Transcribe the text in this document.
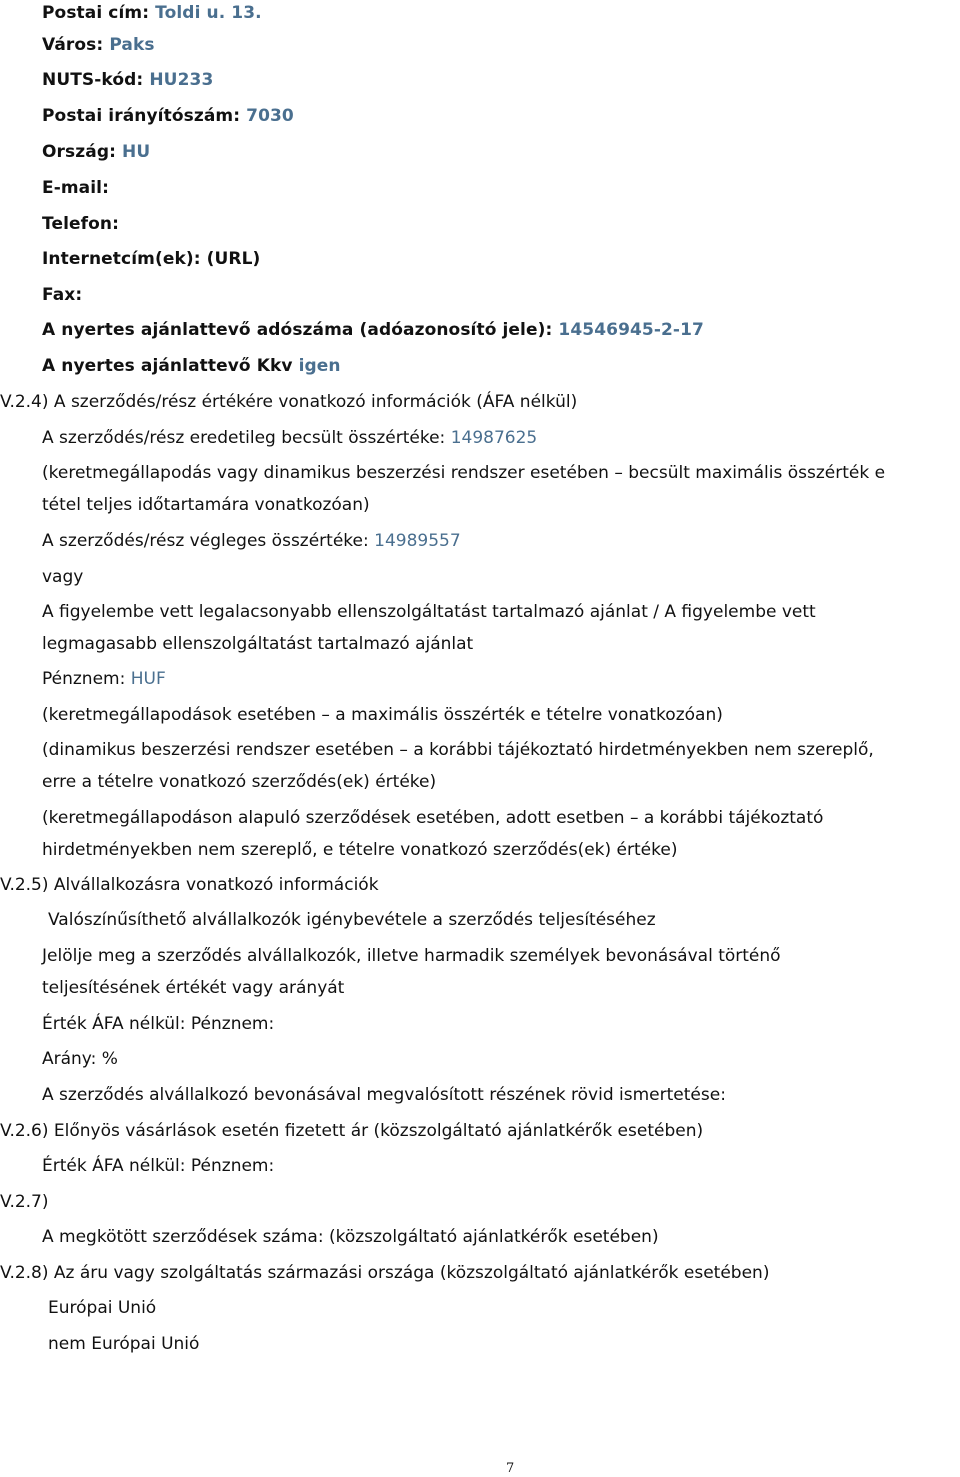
Postai cím: Toldi u. 13.
Város: Paks
NUTS-kód: HU233
Postai irányítószám: 7030
Ország: HU
E-mail:
Telefon:
Internetcím(ek): (URL)
Fax:
A nyertes ajánlattevő adószáma (adóazonosító jele): 14546945-2-17
A nyertes ajánlattevő Kkv igen
V.2.4) A szerződés/rész értékére vonatkozó információk (ÁFA nélkül)
A szerződés/rész eredetileg becsült összértéke: 14987625
(keretmegállapodás vagy dinamikus beszerzési rendszer esetében – becsült maximális összérték e
tétel teljes időtartamára vonatkozóan)
A szerződés/rész végleges összértéke: 14989557
vagy
A figyelembe vett legalacsonyabb ellenszolgáltatást tartalmazó ajánlat / A figyelembe vett
legmagasabb ellenszolgáltatást tartalmazó ajánlat
Pénznem: HUF
(keretmegállapodások esetében – a maximális összérték e tételre vonatkozóan)
(dinamikus beszerzési rendszer esetében – a korábbi tájékoztató hirdetményekben nem szereplő,
erre a tételre vonatkozó szerződés(ek) értéke)
(keretmegállapodáson alapuló szerződések esetében, adott esetben – a korábbi tájékoztató
hirdetményekben nem szereplő, e tételre vonatkozó szerződés(ek) értéke)
V.2.5) Alvállalkozásra vonatkozó információk
Valószínűsíthető alvállalkozók igénybevétele a szerződés teljesítéséhez
Jelölje meg a szerződés alvállalkozók, illetve harmadik személyek bevonásával történő
teljesítésének értékét vagy arányát
Érték ÁFA nélkül: Pénznem:
Arány: %
A szerződés alvállalkozó bevonásával megvalósított részének rövid ismertetése:
V.2.6) Előnyös vásárlások esetén fizetett ár (közszolgáltató ajánlatkérők esetében)
Érték ÁFA nélkül: Pénznem:
V.2.7)
A megkötött szerződések száma: (közszolgáltató ajánlatkérők esetében)
V.2.8) Az áru vagy szolgáltatás származási országa (közszolgáltató ajánlatkérők esetében)
Európai Unió
nem Európai Unió
7
